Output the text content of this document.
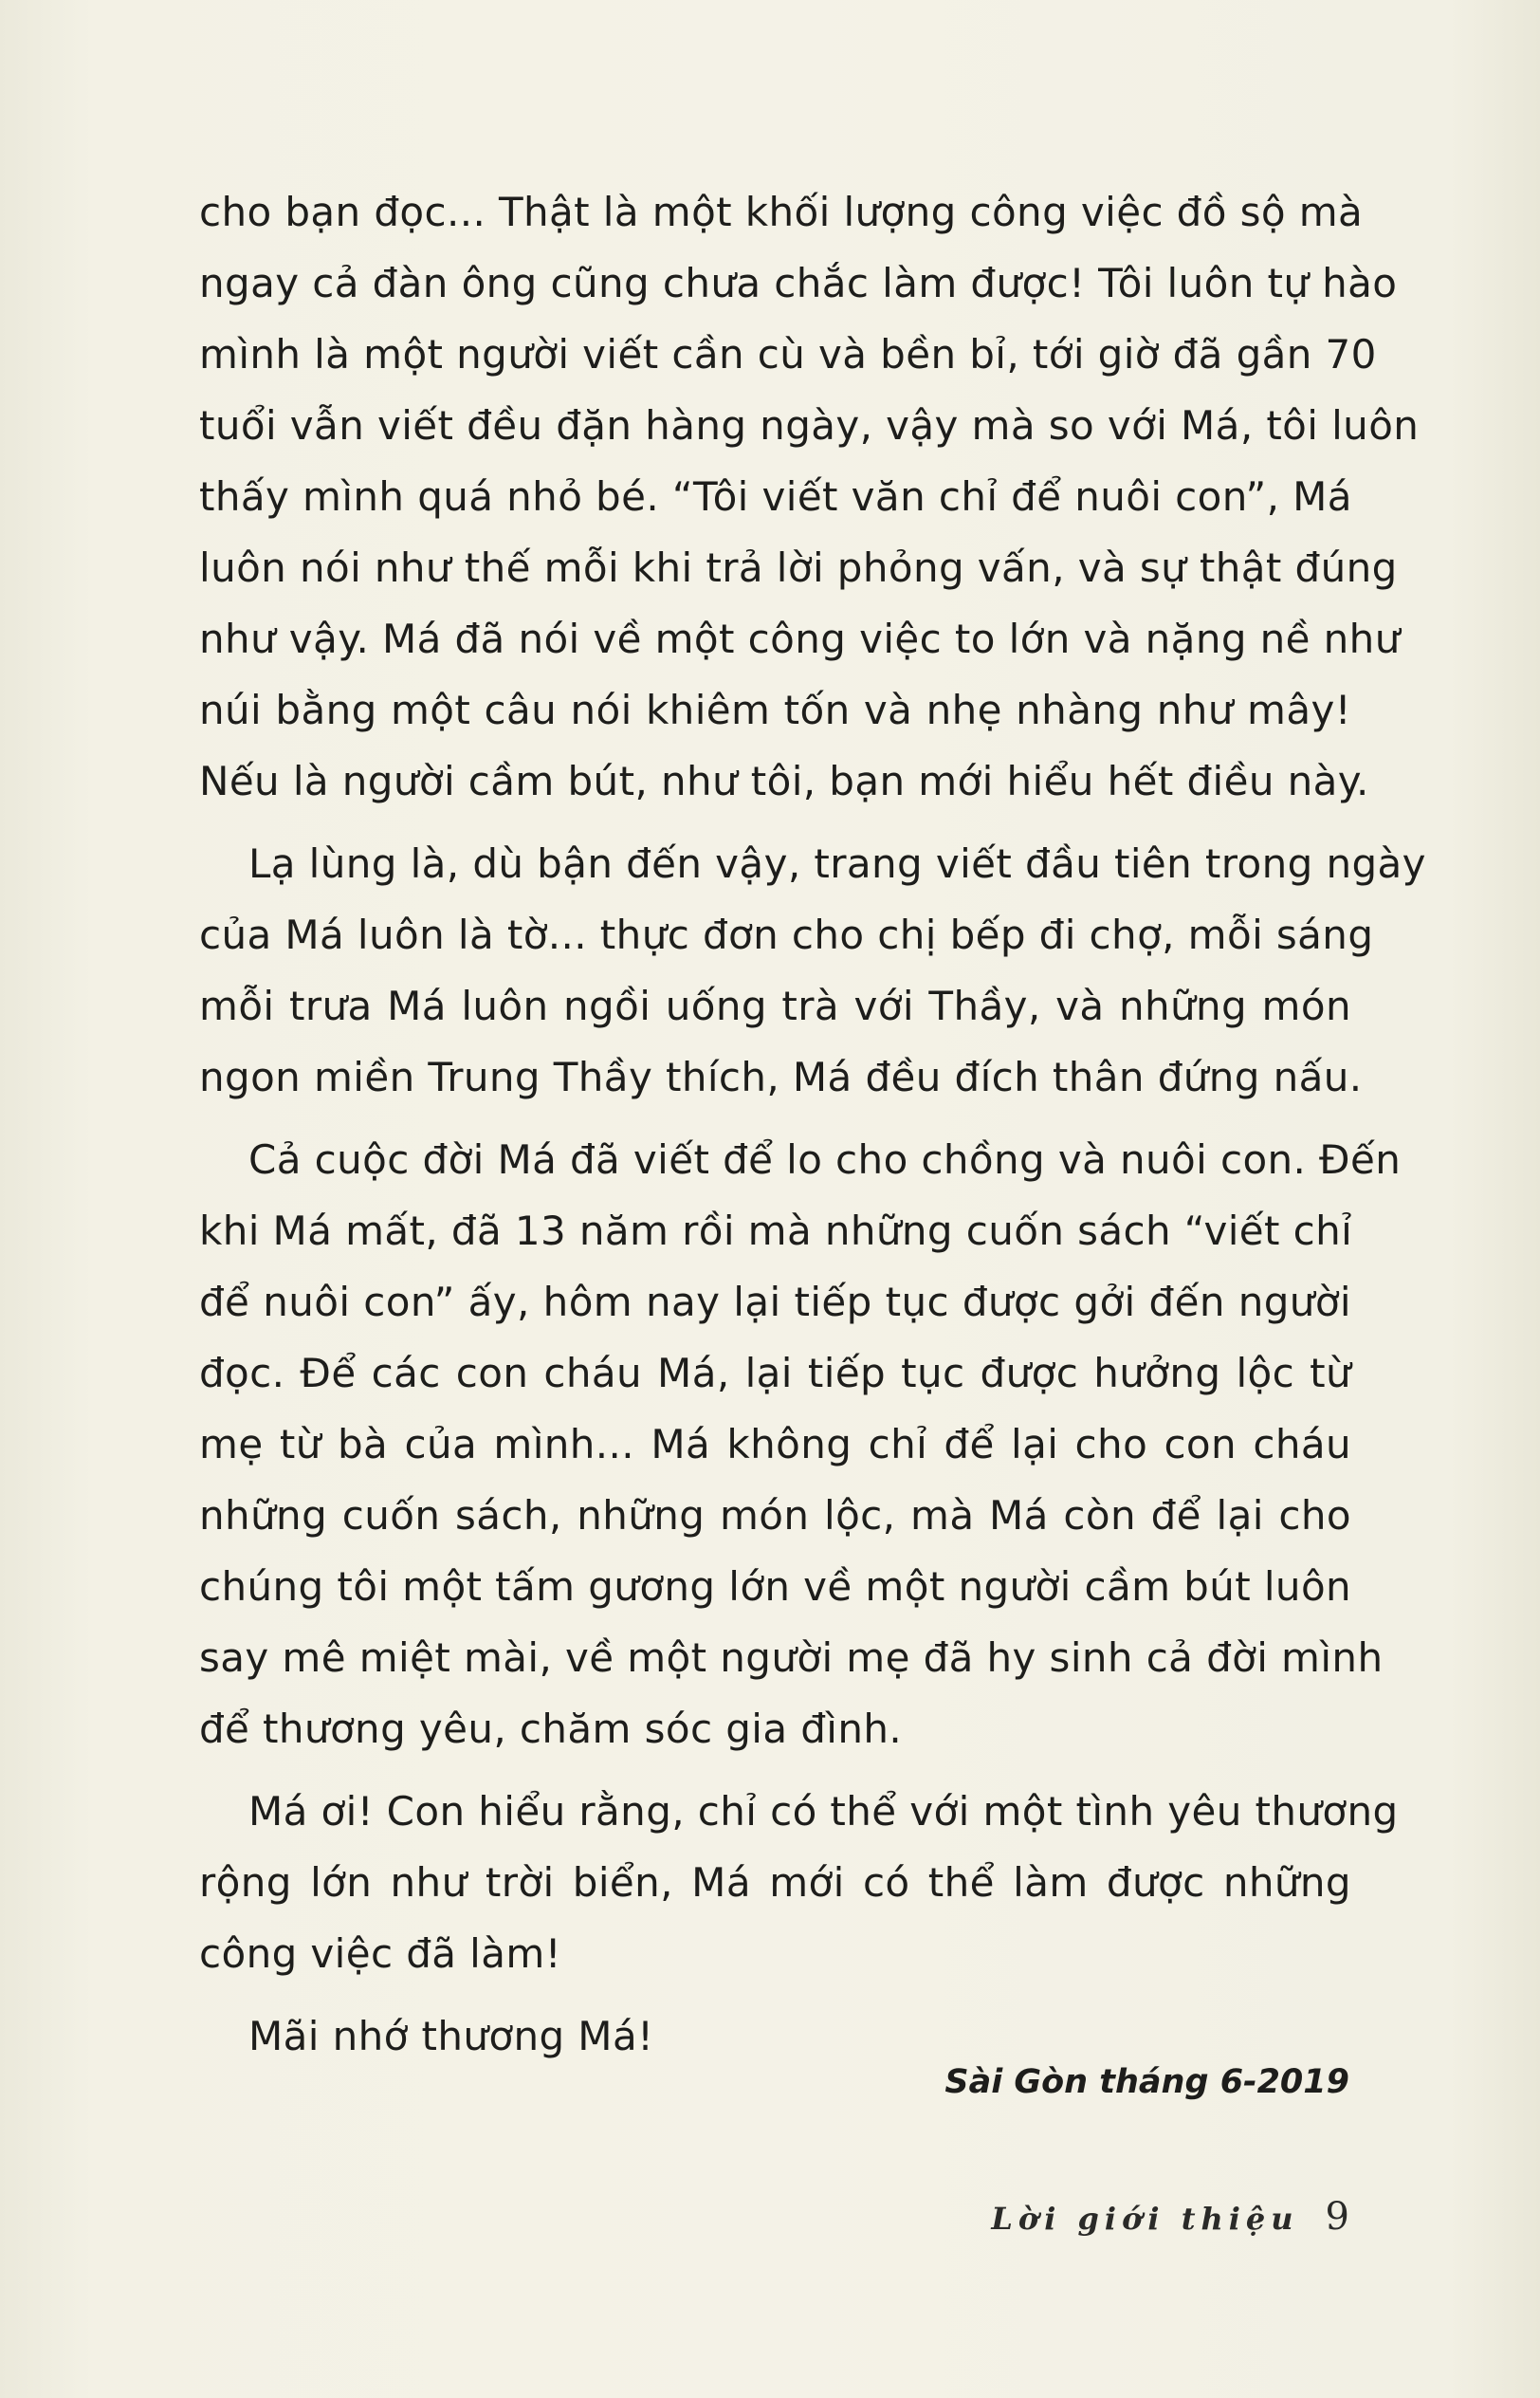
cho bạn đọc... Thật là một khối lượng công việc đồ sộ mà
ngay cả đàn ông cũng chưa chắc làm được! Tôi luôn tự hào
mình là một người viết cần cù và bền bỉ, tới giờ đã gần 70
tuổi vẫn viết đều đặn hàng ngày, vậy mà so với Má, tôi luôn
thấy mình quá nhỏ bé. “Tôi viết văn chỉ để nuôi con”, Má
luôn nói như thế mỗi khi trả lời phỏng vấn, và sự thật đúng
như vậy. Má đã nói về một công việc to lớn và nặng nề như
núi bằng một câu nói khiêm tốn và nhẹ nhàng như mây!
Nếu là người cầm bút, như tôi, bạn mới hiểu hết điều này.
Lạ lùng là, dù bận đến vậy, trang viết đầu tiên trong ngày
của Má luôn là tờ... thực đơn cho chị bếp đi chợ, mỗi sáng
mỗi trưa Má luôn ngồi uống trà với Thầy, và những món
ngon miền Trung Thầy thích, Má đều đích thân đứng nấu.
Cả cuộc đời Má đã viết để lo cho chồng và nuôi con. Đến
khi Má mất, đã 13 năm rồi mà những cuốn sách “viết chỉ
để nuôi con” ấy, hôm nay lại tiếp tục được gởi đến người
đọc. Để các con cháu Má, lại tiếp tục được hưởng lộc từ
mẹ từ bà của mình... Má không chỉ để lại cho con cháu
những cuốn sách, những món lộc, mà Má còn để lại cho
chúng tôi một tấm gương lớn về một người cầm bút luôn
say mê miệt mài, về một người mẹ đã hy sinh cả đời mình
để thương yêu, chăm sóc gia đình.
Má ơi! Con hiểu rằng, chỉ có thể với một tình yêu thương
rộng lớn như trời biển, Má mới có thể làm được những
công việc đã làm!
Mãi nhớ thương Má!
Sài Gòn tháng 6-2019
Lời giới thiệu 9
